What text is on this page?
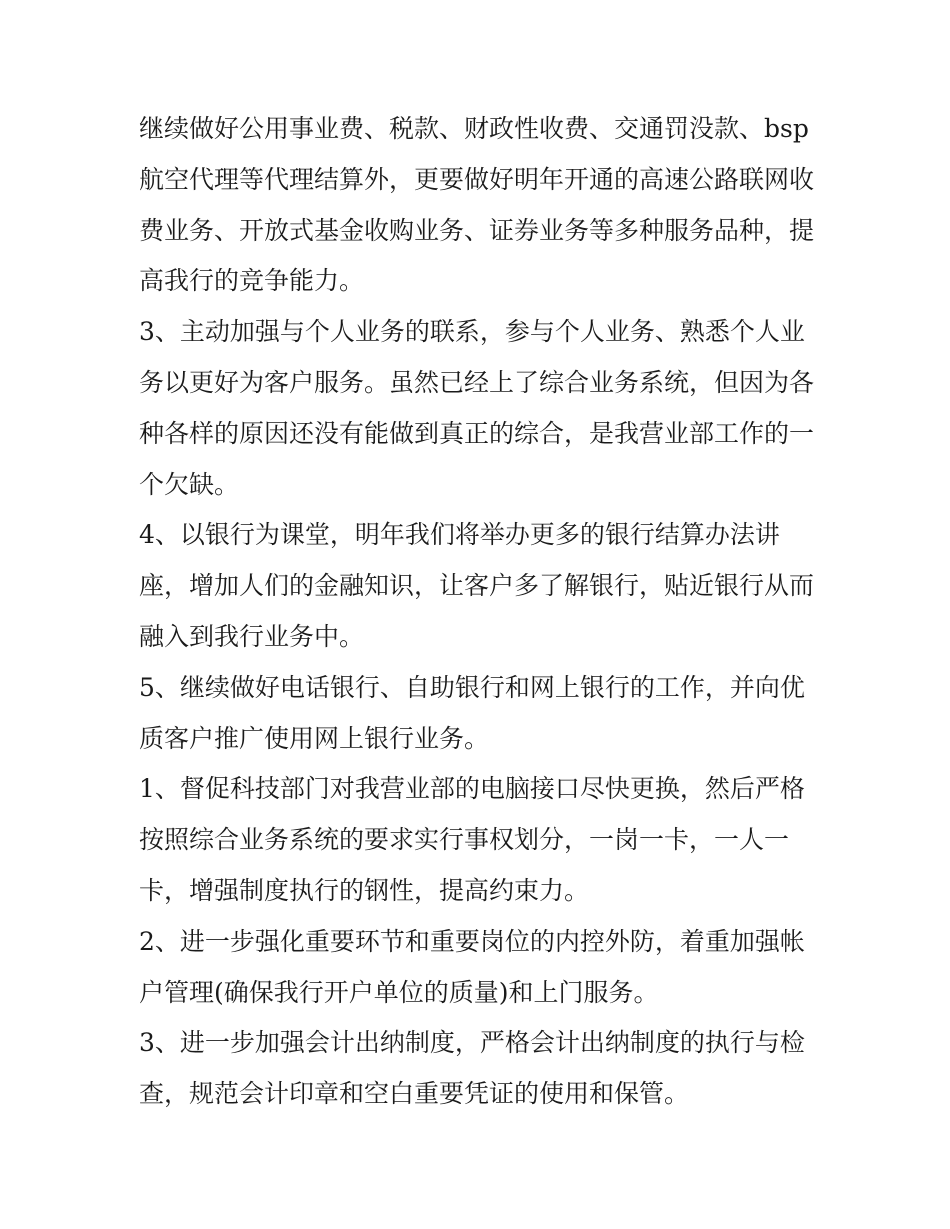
继续做好公用事业费、税款、财政性收费、交通罚没款、bsp
航空代理等代理结算外，更要做好明年开通的高速公路联网收
费业务、开放式基金收购业务、证券业务等多种服务品种，提
高我行的竞争能力。
3、主动加强与个人业务的联系，参与个人业务、熟悉个人业
务以更好为客户服务。虽然已经上了综合业务系统，但因为各
种各样的原因还没有能做到真正的综合，是我营业部工作的一
个欠缺。
4、以银行为课堂，明年我们将举办更多的银行结算办法讲
座，增加人们的金融知识，让客户多了解银行，贴近银行从而
融入到我行业务中。
5、继续做好电话银行、自助银行和网上银行的工作，并向优
质客户推广使用网上银行业务。
1、督促科技部门对我营业部的电脑接口尽快更换，然后严格
按照综合业务系统的要求实行事权划分，一岗一卡，一人一
卡，增强制度执行的钢性，提高约束力。
2、进一步强化重要环节和重要岗位的内控外防，着重加强帐
户管理(确保我行开户单位的质量)和上门服务。
3、进一步加强会计出纳制度，严格会计出纳制度的执行与检
查，规范会计印章和空白重要凭证的使用和保管。
